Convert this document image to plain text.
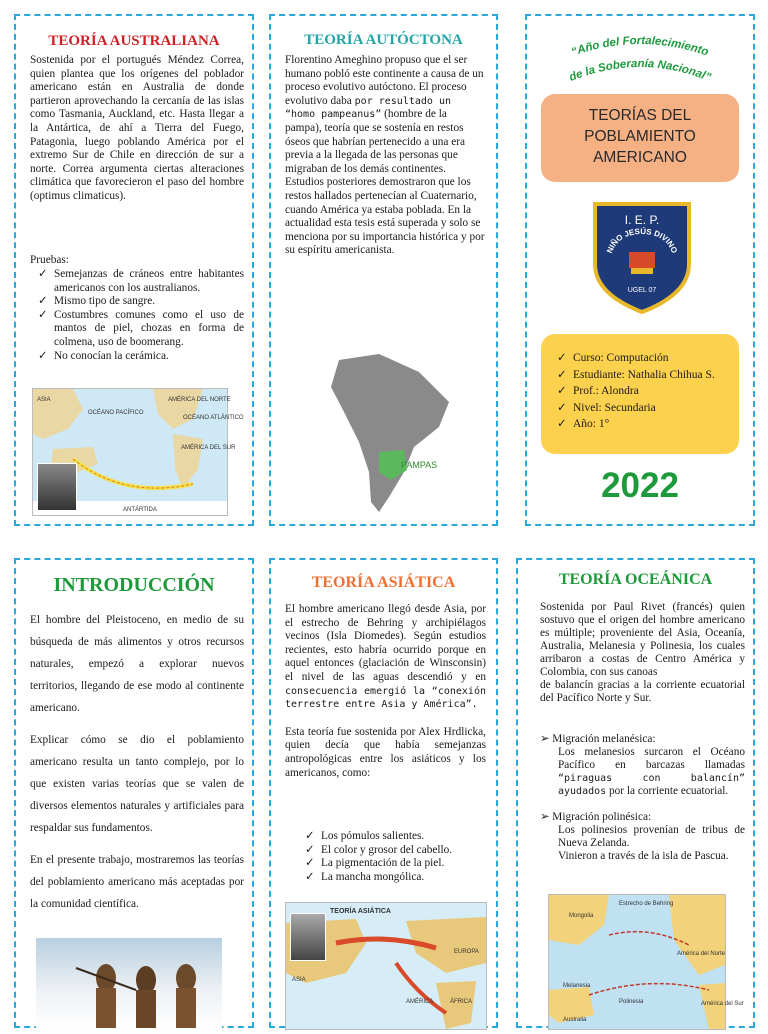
TEORÍA AUSTRALIANA
Sostenida por el portugués Méndez Correa, quien plantea que los orígenes del poblador americano están en Australia de donde partieron aprovechando la cercanía de las islas como Tasmania, Auckland, etc. Hasta llegar a la Antártica, de ahí a Tierra del Fuego, Patagonia, luego poblando América por el extremo Sur de Chile en dirección de sur a norte. Correa argumenta ciertas alteraciones climática que favorecieron el paso del hombre (optimus climaticus).
Pruebas:
✓ Semejanzas de cráneos entre habitantes americanos con los australianos.
✓ Mismo tipo de sangre.
✓ Costumbres comunes como el uso de mantos de piel, chozas en forma de colmena, uso de boomerang.
✓ No conocían la cerámica.
ASIA
OCÉANO PACÍFICO
AMÉRICA DEL NORTE
OCÉANO ATLÁNTICO
AMÉRICA DEL SUR
ANTÁRTIDA
TEORÍA AUTÓCTONA

Florentino Ameghino propuso que el ser humano pobló este continente a causa de un proceso evolutivo autóctono. El proceso evolutivo daba por resultado un “homo pampeanus” (hombre de la pampa), teoría que se sostenía en restos óseos que habrían pertenecido a una era previa a la llegada de las personas que migraban de los demás continentes.

Estudios posteriores demostraron que los restos hallados pertenecían al Cuaternario, cuando América ya estaba poblada. En la actualidad esta tesis está superada y solo se menciona por su importancia histórica y por su espíritu americanista.

PAMPAS
“Año del Fortalecimiento
de la Soberanía Nacional”
TEORÍAS DEL
POBLAMIENTO
AMERICANO
I. E. P.
NIÑO JESÚS DIVINO
UGEL 07
✓ Curso: Computación
✓ Estudiante: Nathalia Chihua S.
✓ Prof.: Alondra
✓ Nivel: Secundaria
✓ Año: 1°
2022
INTRODUCCIÓN

El hombre del Pleistoceno, en medio de su búsqueda de más alimentos y otros recursos naturales, empezó a explorar nuevos territorios, llegando de ese modo al continente americano.

Explicar cómo se dio el poblamiento americano resulta un tanto complejo, por lo que existen varias teorías que se valen de diversos elementos naturales y artificiales para respaldar sus fundamentos.

En el presente trabajo, mostraremos las teorías del poblamiento americano más aceptadas por la comunidad científica.

TEORÍA ASIÁTICA

El hombre americano llegó desde Asia, por el estrecho de Behring y archipiélagos vecinos (Isla Diomedes). Según estudios recientes, esto habría ocurrido porque en aquel entonces (glaciación de Winsconsin) el nivel de las aguas descendió y en consecuencia emergió la “conexión terrestre entre Asia y América”.

Esta teoría fue sostenida por Alex Hrdlicka, quien decía que había semejanzas antropológicas entre los asiáticos y los americanos, como:

✓ Los pómulos salientes.
✓ El color y grosor del cabello.
✓ La pigmentación de la piel.
✓ La mancha mongólica.
TEORÍA ASIÁTICA
ASIA
EUROPA
ÁFRICA
AMÉRICA
TEORÍA OCEÁNICA

Sostenida por Paul Rivet (francés) quien sostuvo que el origen del hombre americano es múltiple; proveniente del Asia, Oceanía, Australia, Melanesia y Polinesia, los cuales arribaron a costas de Centro América y Colombia, con sus canoas

de balancín gracias a la corriente ecuatorial del Pacífico Norte y Sur.

➢ Migración melanésica:

Los melanesios surcaron el Océano Pacífico en barcazas llamadas “piraguas con balancín” ayudados por la corriente ecuatorial.

➢ Migración polinésica:

Los polinesios provenían de tribus de Nueva Zelanda.

Vinieron a través de la isla de Pascua.

Estrecho de Behring
Mongolia
América del Norte
Melanesia
Polinesia
Australia
América del Sur
